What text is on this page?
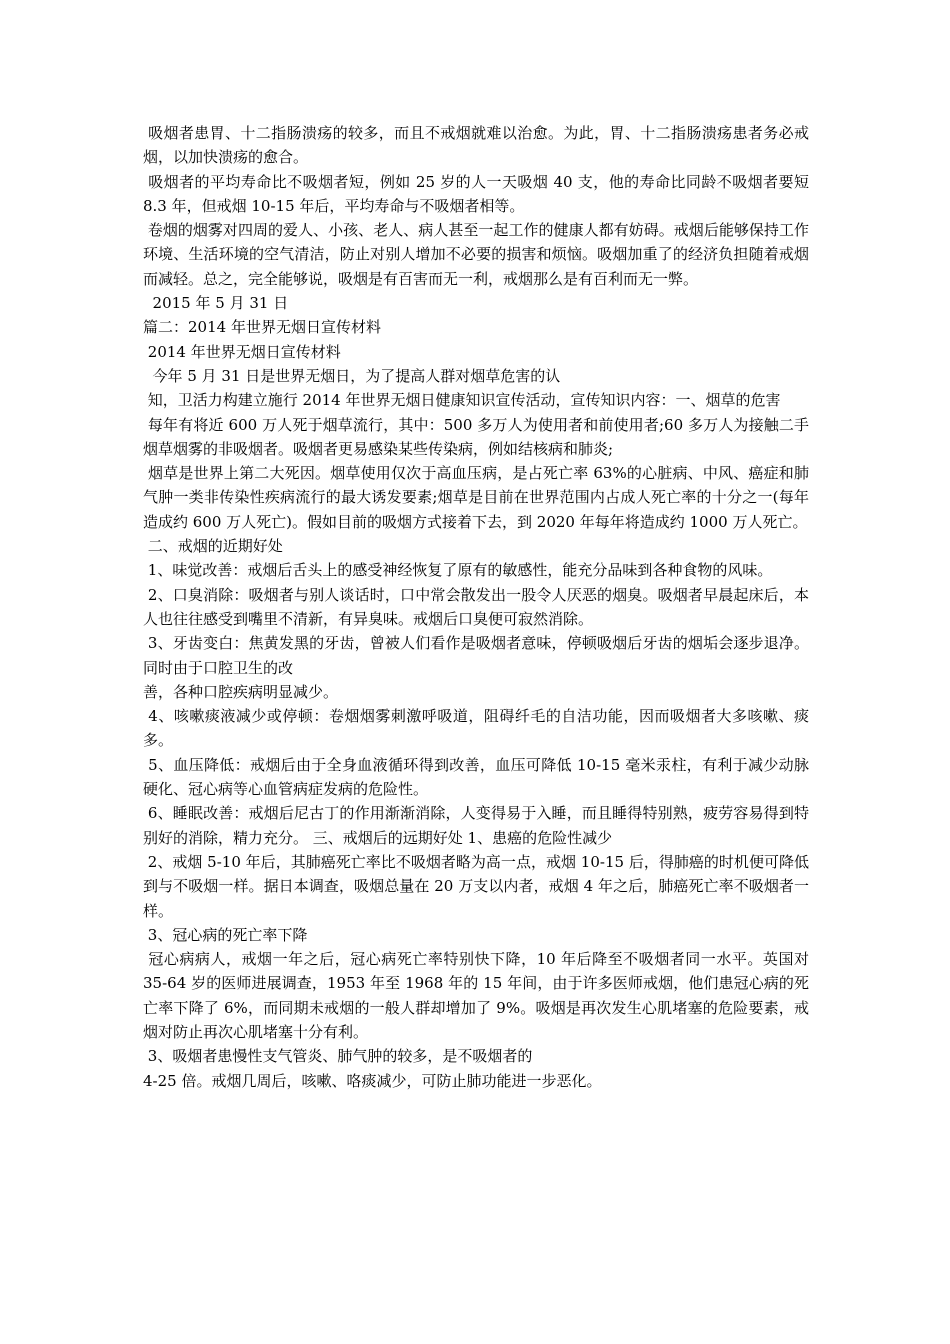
吸烟者患胃、十二指肠溃疡的较多，而且不戒烟就难以治愈。为此，胃、十二指肠溃疡患者务必戒烟，以加快溃疡的愈合。

吸烟者的平均寿命比不吸烟者短，例如 25 岁的人一天吸烟 40 支，他的寿命比同龄不吸烟者要短 8.3 年，但戒烟 10-15 年后，平均寿命与不吸烟者相等。

卷烟的烟雾对四周的爱人、小孩、老人、病人甚至一起工作的健康人都有妨碍。戒烟后能够保持工作环境、生活环境的空气清洁，防止对别人增加不必要的损害和烦恼。吸烟加重了的经济负担随着戒烟而减轻。总之，完全能够说，吸烟是有百害而无一利，戒烟那么是有百利而无一弊。

2015 年 5 月 31 日

篇二：2014 年世界无烟日宣传材料

2014 年世界无烟日宣传材料

今年 5 月 31 日是世界无烟日，为了提高人群对烟草危害的认

知，卫活力构建立施行 2014 年世界无烟日健康知识宣传活动，宣传知识内容：一、烟草的危害

每年有将近 600 万人死于烟草流行，其中：500 多万人为使用者和前使用者;60 多万人为接触二手烟草烟雾的非吸烟者。吸烟者更易感染某些传染病，例如结核病和肺炎;

烟草是世界上第二大死因。烟草使用仅次于高血压病，是占死亡率 63%的心脏病、中风、癌症和肺气肿一类非传染性疾病流行的最大诱发要素;烟草是目前在世界范围内占成人死亡率的十分之一(每年造成约 600 万人死亡)。假如目前的吸烟方式接着下去，到 2020 年每年将造成约 1000 万人死亡。

二、戒烟的近期好处

1、味觉改善：戒烟后舌头上的感受神经恢复了原有的敏感性，能充分品味到各种食物的风味。

2、口臭消除：吸烟者与别人谈话时，口中常会散发出一股令人厌恶的烟臭。吸烟者早晨起床后，本人也往往感受到嘴里不清新，有异臭味。戒烟后口臭便可寂然消除。

3、牙齿变白：焦黄发黑的牙齿，曾被人们看作是吸烟者意味，停顿吸烟后牙齿的烟垢会逐步退净。同时由于口腔卫生的改

善，各种口腔疾病明显减少。

4、咳嗽痰液减少或停顿：卷烟烟雾刺激呼吸道，阻碍纤毛的自洁功能，因而吸烟者大多咳嗽、痰多。

5、血压降低：戒烟后由于全身血液循环得到改善，血压可降低 10-15 毫米汞柱，有利于减少动脉硬化、冠心病等心血管病症发病的危险性。

6、睡眠改善：戒烟后尼古丁的作用渐渐消除，人变得易于入睡，而且睡得特别熟，疲劳容易得到特别好的消除，精力充分。 三、戒烟后的远期好处 1、患癌的危险性减少

2、戒烟 5-10 年后，其肺癌死亡率比不吸烟者略为高一点，戒烟 10-15 后，得肺癌的时机便可降低到与不吸烟一样。据日本调查，吸烟总量在 20 万支以内者，戒烟 4 年之后，肺癌死亡率不吸烟者一样。

3、冠心病的死亡率下降

冠心病病人，戒烟一年之后，冠心病死亡率特别快下降，10 年后降至不吸烟者同一水平。英国对 35-64 岁的医师进展调查，1953 年至 1968 年的 15 年间，由于许多医师戒烟，他们患冠心病的死亡率下降了 6%，而同期未戒烟的一般人群却增加了 9%。吸烟是再次发生心肌堵塞的危险要素，戒烟对防止再次心肌堵塞十分有利。

3、吸烟者患慢性支气管炎、肺气肿的较多，是不吸烟者的

4-25 倍。戒烟几周后，咳嗽、咯痰减少，可防止肺功能进一步恶化。
